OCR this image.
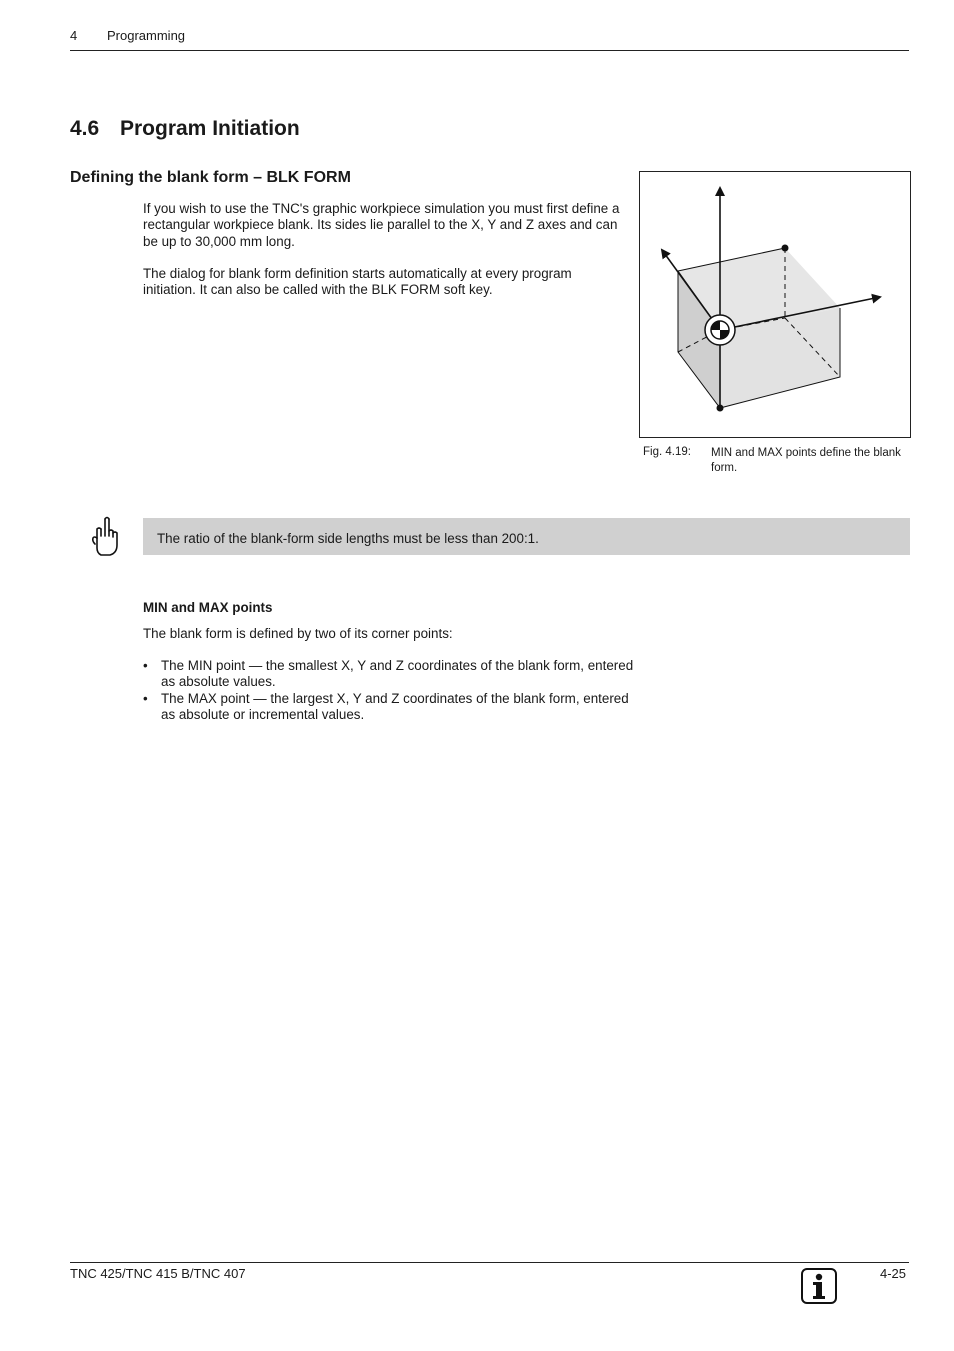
4 Programming
4.6 Program Initiation
Defining the blank form – BLK FORM

If you wish to use the TNC's graphic workpiece simulation you must first define a rectangular workpiece blank. Its sides lie parallel to the X, Y and Z axes and can be up to 30,000 mm long.

The dialog for blank form definition starts automatically at every program initiation. It can also be called with the BLK FORM soft key.

Fig. 4.19: MIN and MAX points define the blank form.
The ratio of the blank-form side lengths must be less than 200:1.
MIN and MAX points

The blank form is defined by two of its corner points:

• The MIN point — the smallest X, Y and Z coordinates of the blank form, entered as absolute values.
• The MAX point — the largest X, Y and Z coordinates of the blank form, entered as absolute or incremental values.
TNC 425/TNC 415 B/TNC 407	4-25
